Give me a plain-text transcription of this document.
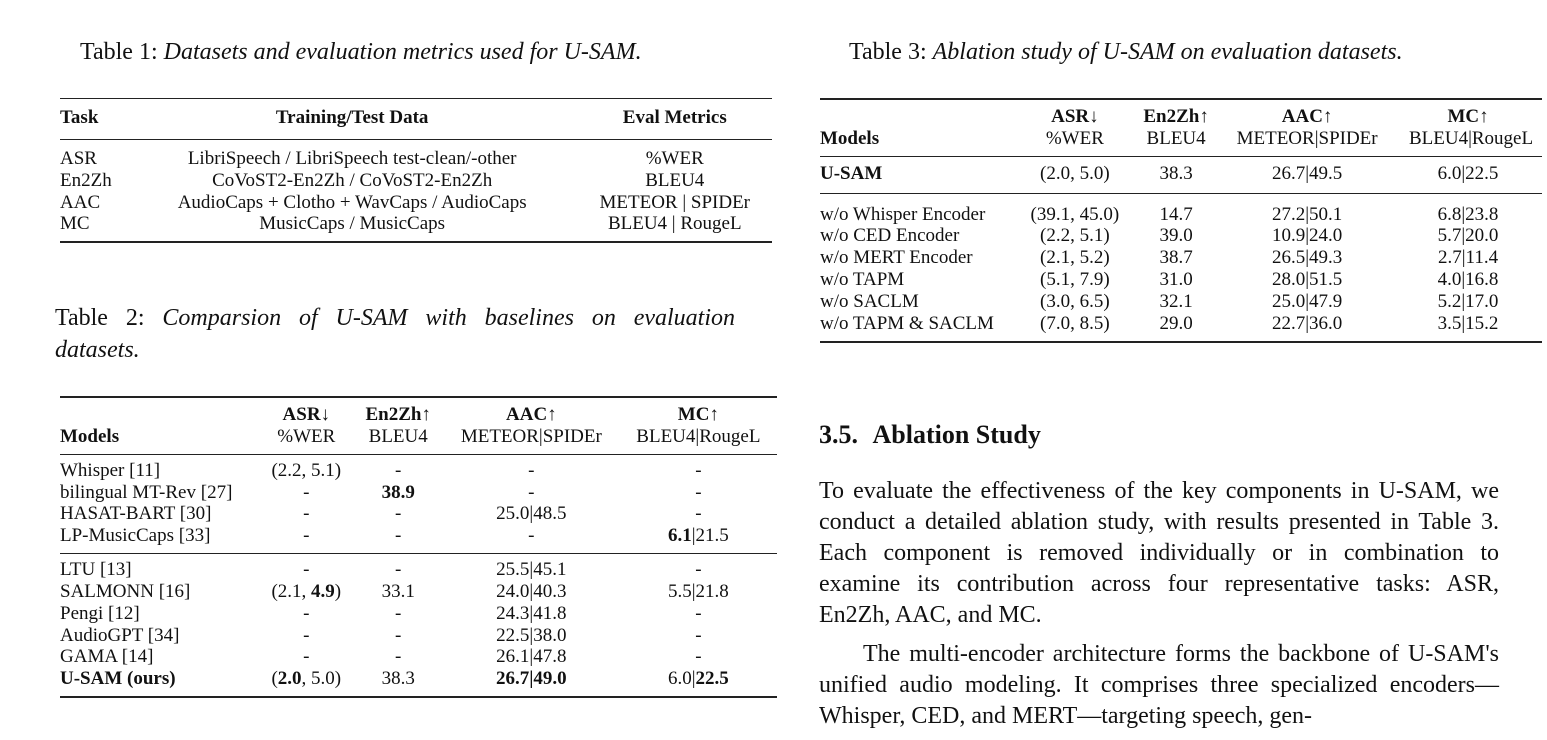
Table 1: Datasets and evaluation metrics used for U-SAM.
Task	Training/Test Data	Eval Metrics
ASR	LibriSpeech / LibriSpeech test-clean/-other	%WER
En2Zh	CoVoST2-En2Zh / CoVoST2-En2Zh	BLEU4
AAC	AudioCaps + Clotho + WavCaps / AudioCaps	METEOR | SPIDEr
MC	MusicCaps / MusicCaps	BLEU4 | RougeL
Table 2: Comparsion of U-SAM with baselines on evaluation
datasets.
	ASR↓	En2Zh↑	AAC↑	MC↑
Models	%WER	BLEU4	METEOR|SPIDEr	BLEU4|RougeL
Whisper [11]	(2.2, 5.1)	-	-	-
bilingual MT-Rev [27]	-	38.9	-	-
HASAT-BART [30]	-	-	25.0|48.5	-
LP-MusicCaps [33]	-	-	-	6.1|21.5
LTU [13]	-	-	25.5|45.1	-
SALMONN [16]	(2.1, 4.9)	33.1	24.0|40.3	5.5|21.8
Pengi [12]	-	-	24.3|41.8	-
AudioGPT [34]	-	-	22.5|38.0	-
GAMA [14]	-	-	26.1|47.8	-
U-SAM (ours)	(2.0, 5.0)	38.3	26.7|49.0	6.0|22.5
Table 3: Ablation study of U-SAM on evaluation datasets.
	ASR↓	En2Zh↑	AAC↑	MC↑
Models	%WER	BLEU4	METEOR|SPIDEr	BLEU4|RougeL
U-SAM	(2.0, 5.0)	38.3	26.7|49.5	6.0|22.5
w/o Whisper Encoder	(39.1, 45.0)	14.7	27.2|50.1	6.8|23.8
w/o CED Encoder	(2.2, 5.1)	39.0	10.9|24.0	5.7|20.0
w/o MERT Encoder	(2.1, 5.2)	38.7	26.5|49.3	2.7|11.4
w/o TAPM	(5.1, 7.9)	31.0	28.0|51.5	4.0|16.8
w/o SACLM	(3.0, 6.5)	32.1	25.0|47.9	5.2|17.0
w/o TAPM & SACLM	(7.0, 8.5)	29.0	22.7|36.0	3.5|15.2
3.5. Ablation Study

To evaluate the effectiveness of the key components in U-SAM, we conduct a detailed ablation study, with results presented in Table 3. Each component is removed individually or in combination to examine its contribution across four representative tasks: ASR, En2Zh, AAC, and MC.

The multi-encoder architecture forms the backbone of U-SAM's unified audio modeling. It comprises three specialized encoders—Whisper, CED, and MERT—targeting speech, gen-
